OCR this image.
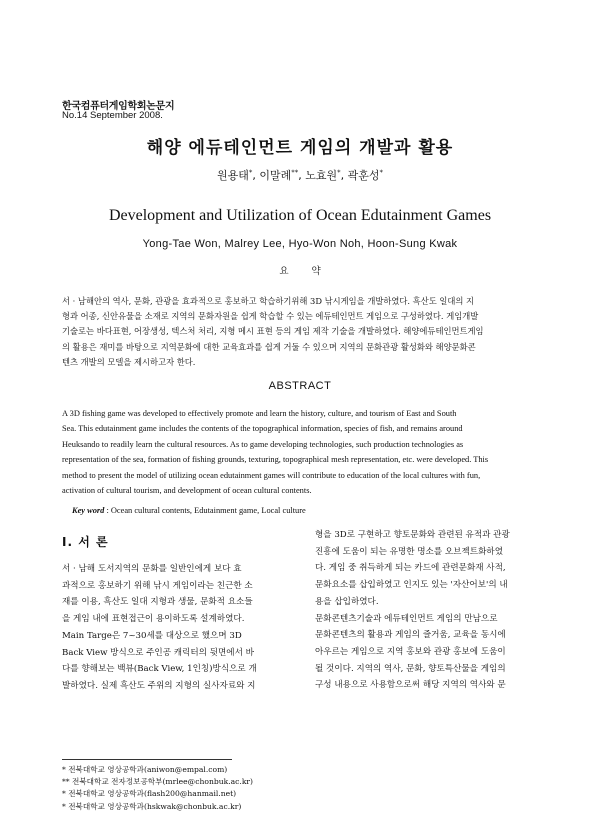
한국컴퓨터게임학회논문지
No.14 September 2008.
해양 에듀테인먼트 게임의 개발과 활용
원용태*, 이말례**, 노효원*, 곽훈성*
Development and Utilization of Ocean Edutainment Games
Yong-Tae Won, Malrey Lee, Hyo-Won Noh, Hoon-Sung Kwak
요 약

서 · 남해안의 역사, 문화, 관광을 효과적으로 홍보하고 학습하기위해 3D 낚시게임을 개발하였다. 흑산도 일대의 지

형과 어종, 신안유물을 소재로 지역의 문화자원을 쉽게 학습할 수 있는 에듀테인먼트 게임으로 구성하였다. 게임개발

기술로는 바다표현, 어장생성, 텍스처 처리, 지형 메시 표현 등의 게임 제작 기술을 개발하였다. 해양에듀테인먼트게임

의 활용은 재미를 바탕으로 지역문화에 대한 교육효과를 쉽게 거둘 수 있으며 지역의 문화관광 활성화와 해양문화콘

텐츠 개발의 모델을 제시하고자 한다.

ABSTRACT

A 3D fishing game was developed to effectively promote and learn the history, culture, and tourism of East and South

Sea. This edutainment game includes the contents of the topographical information, species of fish, and remains around

Heuksando to readily learn the cultural resources. As to game developing technologies, such production technologies as

representation of the sea, formation of fishing grounds, texturing, topographical mesh representation, etc. were developed. This

method to present the model of utilizing ocean edutainment games will contribute to education of the local cultures with fun,

activation of cultural tourism, and development of ocean cultural contents.

Key word : Ocean cultural contents, Edutainment game, Local culture
Ⅰ. 서 론

서 · 남해 도서지역의 문화를 일반인에게 보다 효

과적으로 홍보하기 위해 낚시 게임이라는 친근한 소

재를 이용, 흑산도 일대 지형과 생물, 문화적 요소들

을 게임 내에 표현접근이 용이하도록 설계하였다.

Main Targe은 7~30세를 대상으로 했으며 3D

Back View 방식으로 주인공 캐릭터의 뒷면에서 바

다를 향해보는 백뷰(Back View, 1인칭)방식으로 개

발하였다. 실제 흑산도 주위의 지형의 실사자료와 지

형을 3D로 구현하고 향토문화와 관련된 유적과 관광

진흥에 도움이 되는 유명한 명소를 오브젝트화하였

다. 게임 중 취득하게 되는 카드에 관련문화재 사적,

문화요소를 삽입하였고 인지도 있는 '자산어보'의 내

용을 삽입하였다.

문화콘텐츠기술과 에듀테인먼트 게임의 만남으로

문화콘텐츠의 활용과 게임의 즐거움, 교육을 동시에

아우르는 게임으로 지역 홍보와 관광 홍보에 도움이

될 것이다. 지역의 역사, 문화, 향토특산물을 게임의

구성 내용으로 사용함으로써 해당 지역의 역사와 문

* 전북대학교 영상공학과(aniwon@empal.com)

** 전북대학교 전자정보공학부(mrlee@chonbuk.ac.kr)

* 전북대학교 영상공학과(flash200@hanmail.net)

* 전북대학교 영상공학과(hskwak@chonbuk.ac.kr)
